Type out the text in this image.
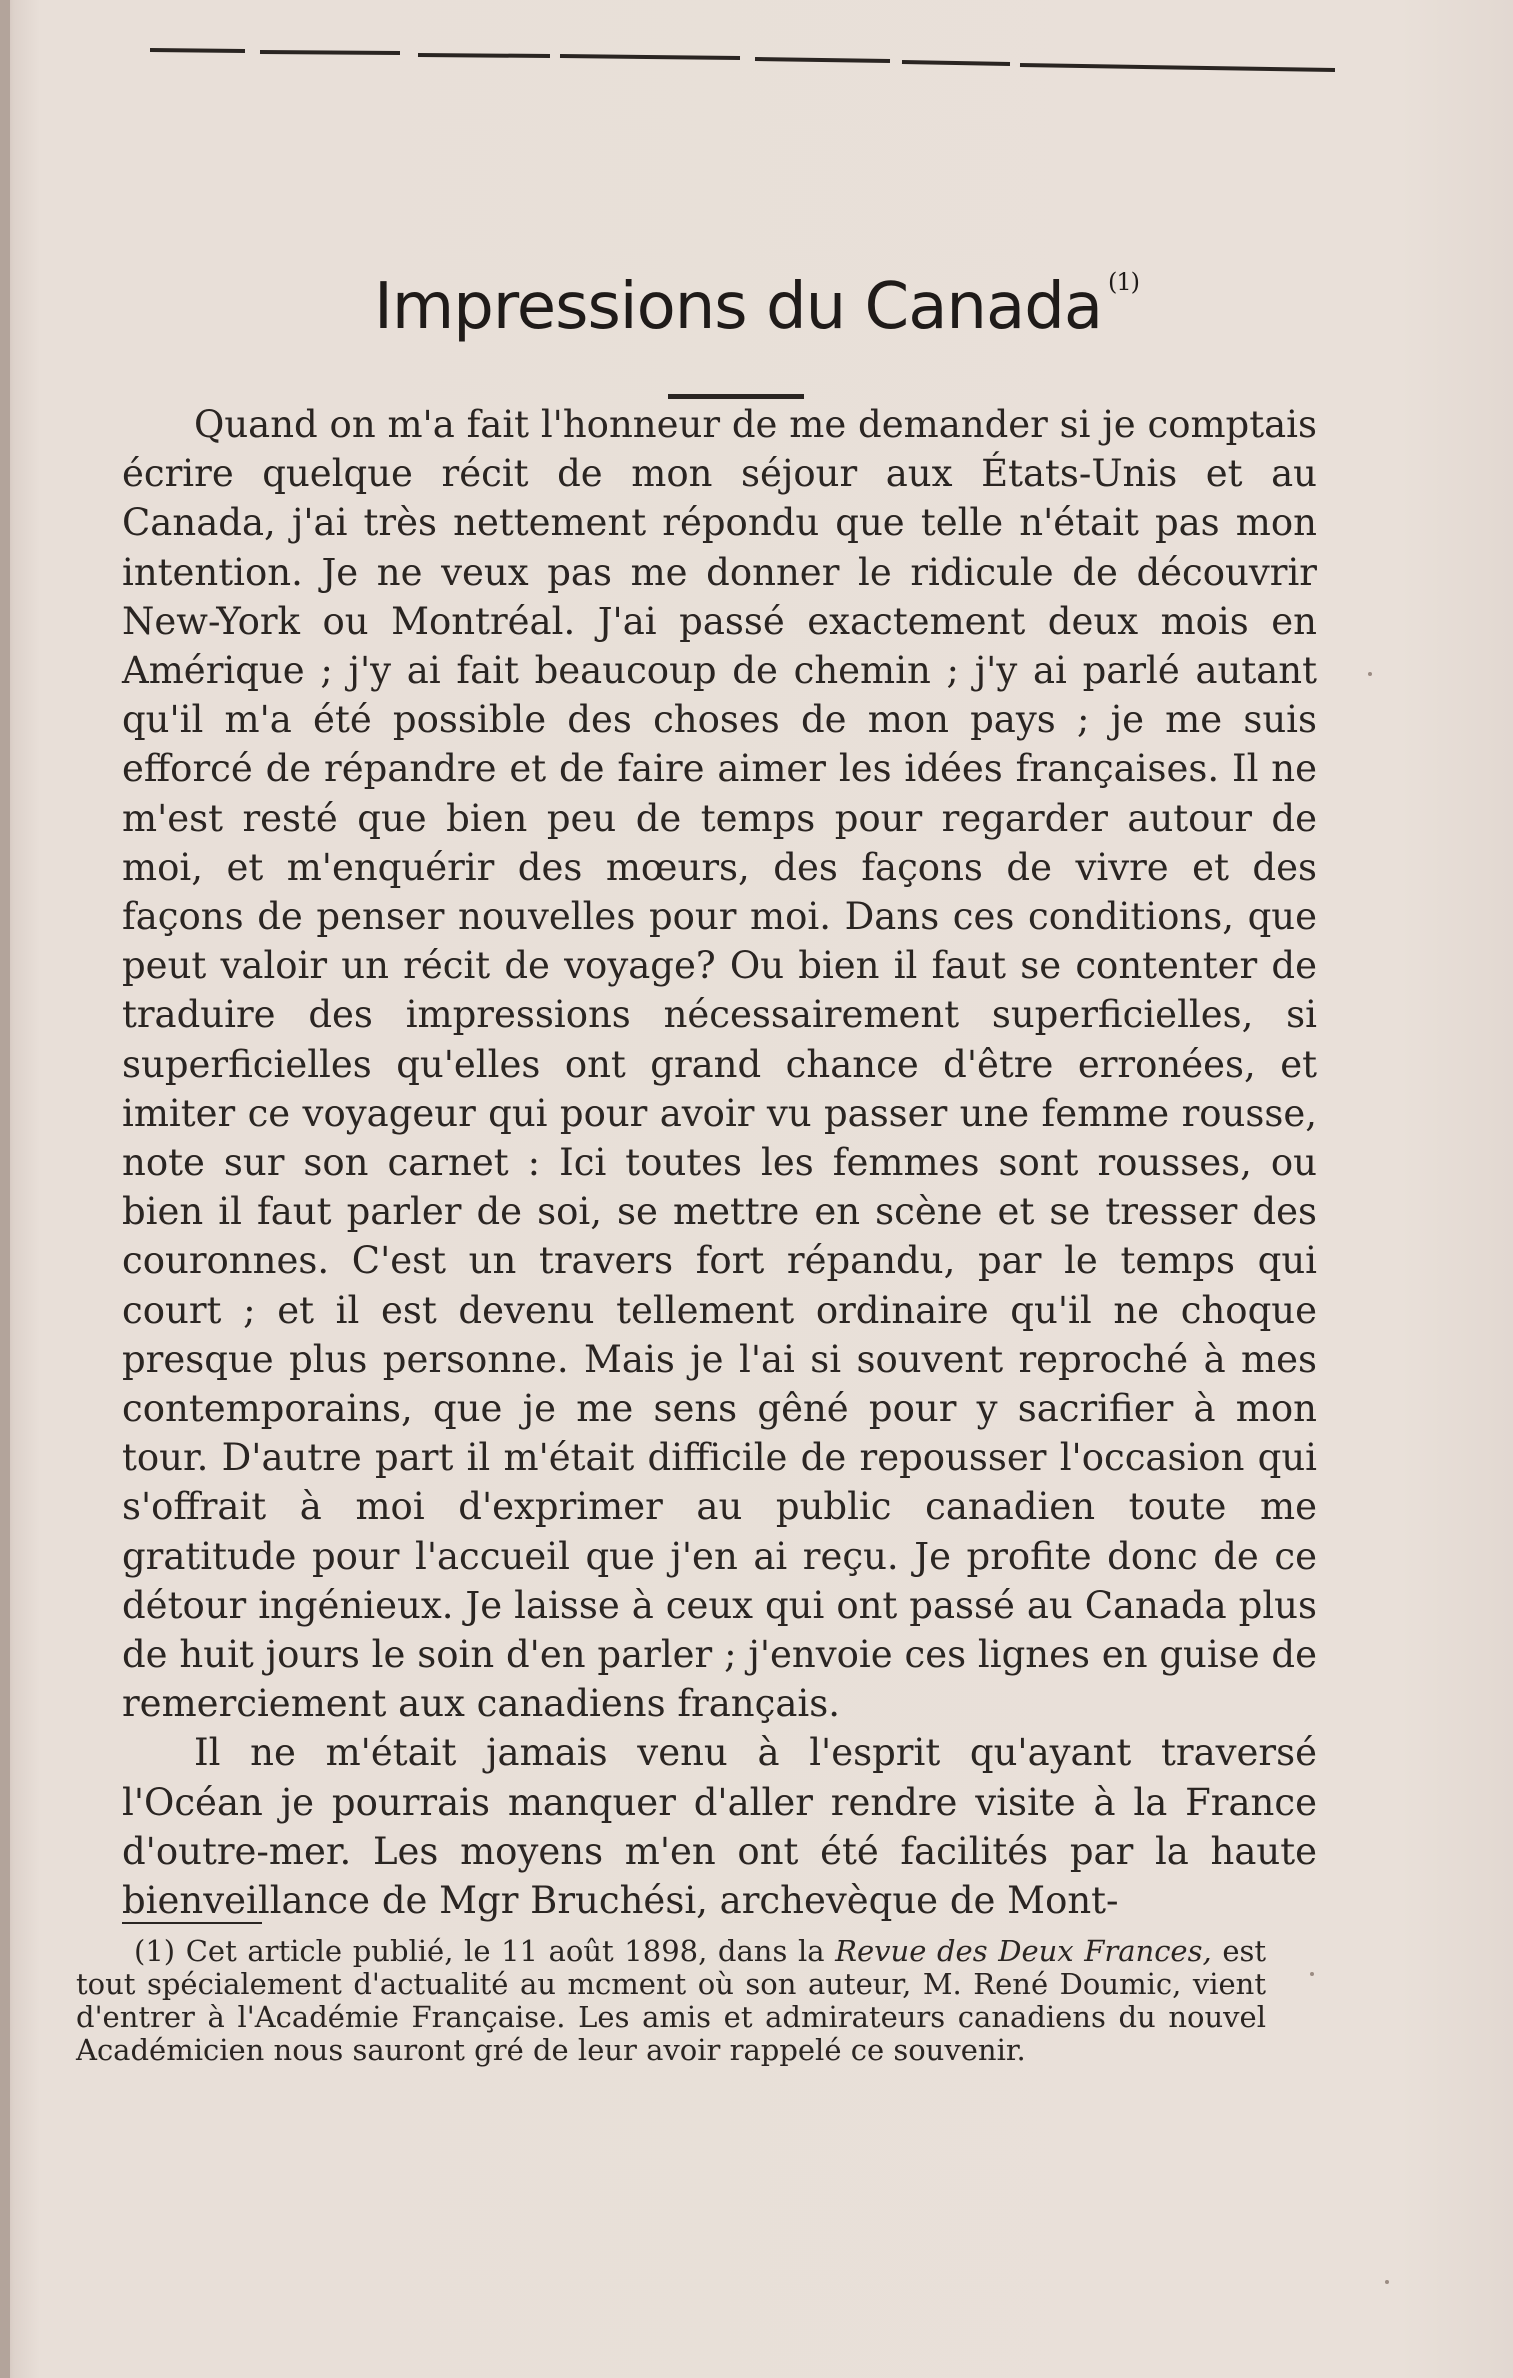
Impressions du Canada $^{(1)}$

Quand on m'a fait l'honneur de me demander si je comptais écrire quelque récit de mon séjour aux États-Unis et au Canada, j'ai très nettement répondu que telle n'était pas mon intention. Je ne veux pas me donner le ridicule de découvrir New-York ou Montréal. J'ai passé exactement deux mois en Amérique ; j'y ai fait beaucoup de chemin ; j'y ai parlé autant qu'il m'a été possible des choses de mon pays ; je me suis efforcé de répandre et de faire aimer les idées françaises. Il ne m'est resté que bien peu de temps pour regarder autour de moi, et m'enquérir des mœurs, des façons de vivre et des façons de penser nouvelles pour moi. Dans ces conditions, que peut valoir un récit de voyage? Ou bien il faut se contenter de traduire des impressions nécessairement superficielles, si superficielles qu'elles ont grand chance d'être erronées, et imiter ce voyageur qui pour avoir vu passer une femme rousse, note sur son carnet : Ici toutes les femmes sont rousses, ou bien il faut parler de soi, se mettre en scène et se tresser des couronnes. C'est un travers fort répandu, par le temps qui court ; et il est devenu tellement ordinaire qu'il ne choque presque plus personne. Mais je l'ai si souvent reproché à mes contemporains, que je me sens gêné pour y sacrifier à mon tour. D'autre part il m'était difficile de repousser l'occasion qui s'offrait à moi d'exprimer au public canadien toute me gratitude pour l'accueil que j'en ai reçu. Je profite donc de ce détour ingénieux. Je laisse à ceux qui ont passé au Canada plus de huit jours le soin d'en parler ; j'envoie ces lignes en guise de remerciement aux canadiens français.

Il ne m'était jamais venu à l'esprit qu'ayant traversé l'Océan je pourrais manquer d'aller rendre visite à la France d'outre-mer. Les moyens m'en ont été facilités par la haute bienveillance de Mgr Bruchési, archevèque de Mont-

(1) Cet article publié, le 11 août 1898, dans la Revue des Deux Frances, est tout spécialement d'actualité au mcment où son auteur, M. René Doumic, vient d'entrer à l'Académie Française. Les amis et admirateurs canadiens du nouvel Académicien nous sauront gré de leur avoir rappelé ce souvenir.
